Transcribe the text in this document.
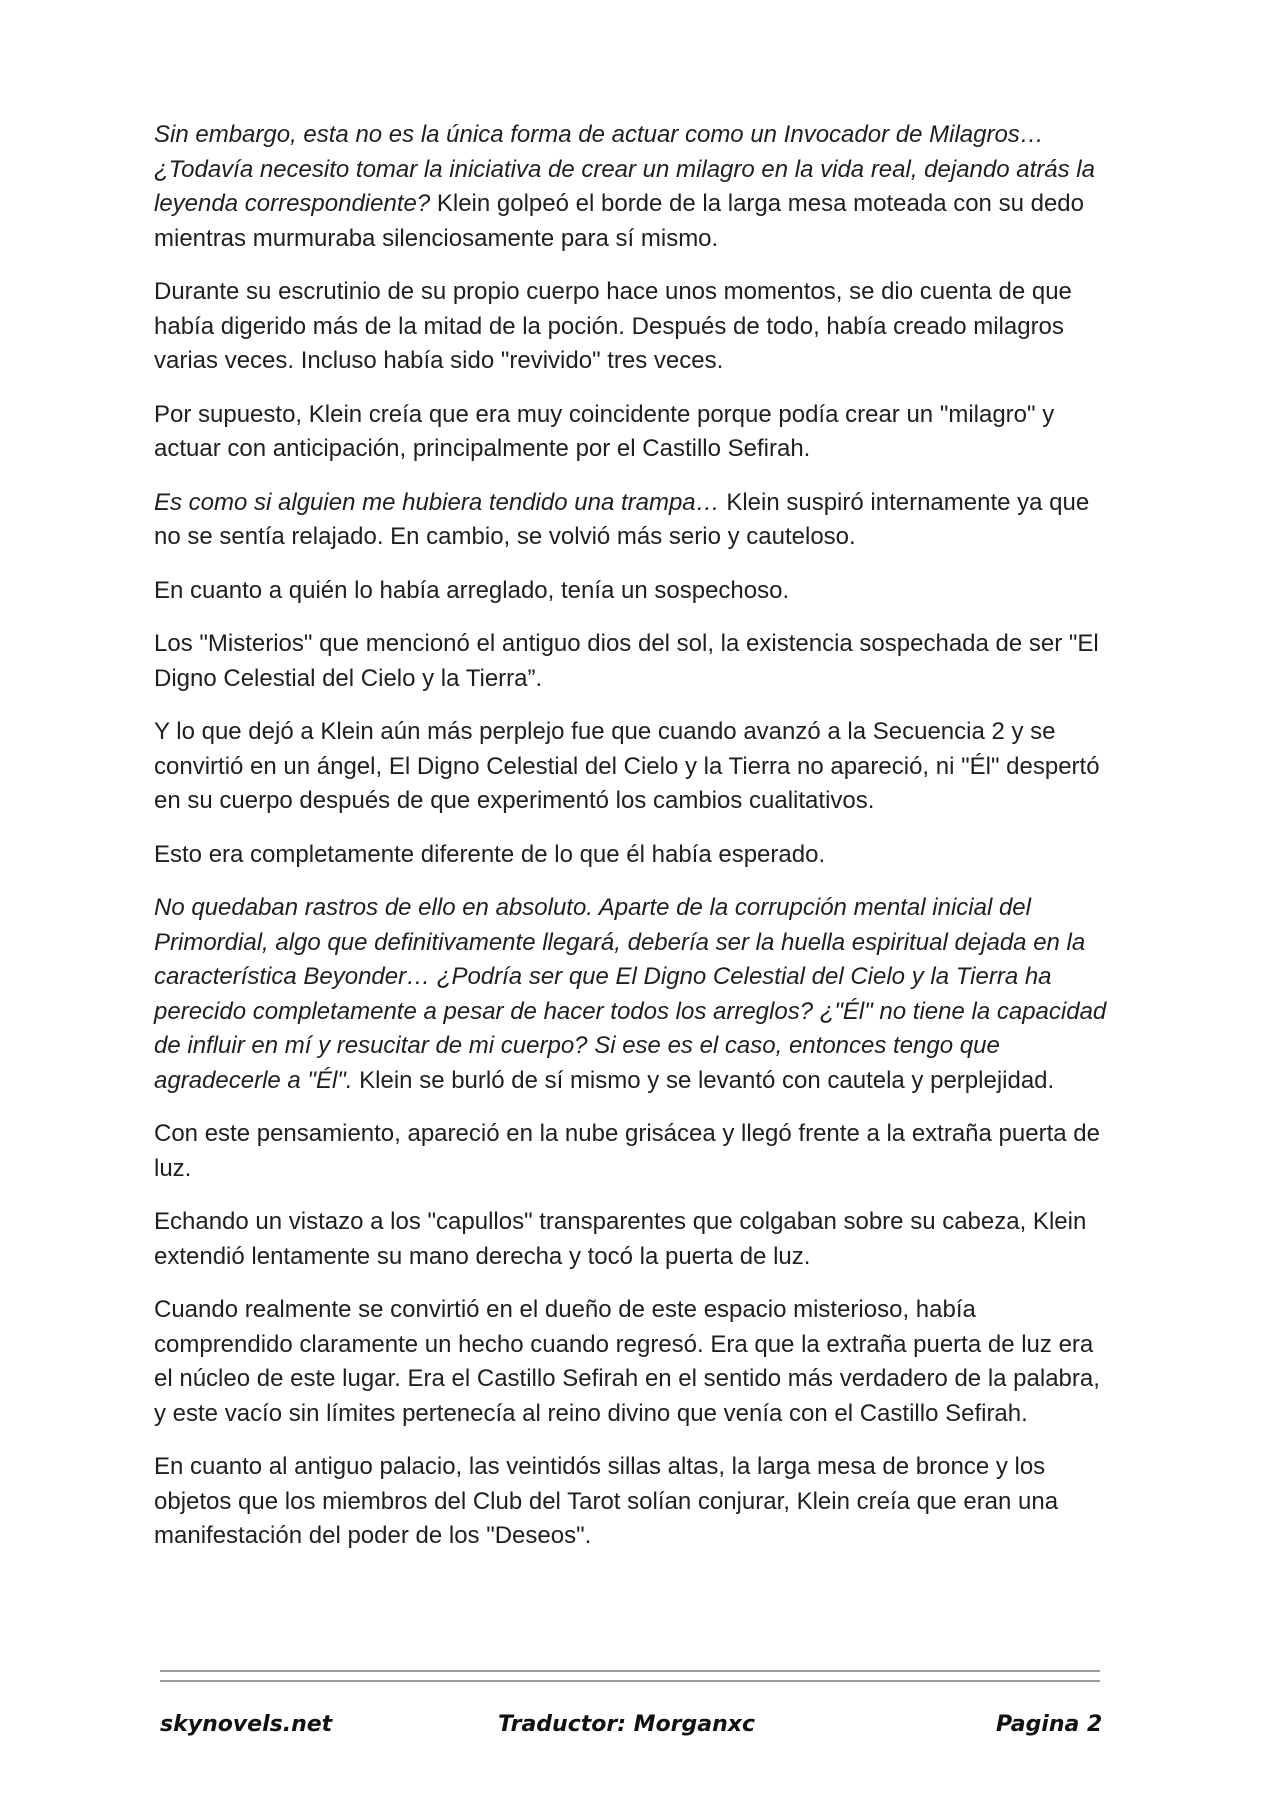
Sin embargo, esta no es la única forma de actuar como un Invocador de Milagros… ¿Todavía necesito tomar la iniciativa de crear un milagro en la vida real, dejando atrás la leyenda correspondiente? Klein golpeó el borde de la larga mesa moteada con su dedo mientras murmuraba silenciosamente para sí mismo.

Durante su escrutinio de su propio cuerpo hace unos momentos, se dio cuenta de que había digerido más de la mitad de la poción. Después de todo, había creado milagros varias veces. Incluso había sido "revivido" tres veces.

Por supuesto, Klein creía que era muy coincidente porque podía crear un "milagro" y actuar con anticipación, principalmente por el Castillo Sefirah.

Es como si alguien me hubiera tendido una trampa… Klein suspiró internamente ya que no se sentía relajado. En cambio, se volvió más serio y cauteloso.

En cuanto a quién lo había arreglado, tenía un sospechoso.

Los "Misterios" que mencionó el antiguo dios del sol, la existencia sospechada de ser "El Digno Celestial del Cielo y la Tierra”.

Y lo que dejó a Klein aún más perplejo fue que cuando avanzó a la Secuencia 2 y se convirtió en un ángel, El Digno Celestial del Cielo y la Tierra no apareció, ni "Él" despertó en su cuerpo después de que experimentó los cambios cualitativos.

Esto era completamente diferente de lo que él había esperado.

No quedaban rastros de ello en absoluto. Aparte de la corrupción mental inicial del Primordial, algo que definitivamente llegará, debería ser la huella espiritual dejada en la característica Beyonder… ¿Podría ser que El Digno Celestial del Cielo y la Tierra ha perecido completamente a pesar de hacer todos los arreglos? ¿"Él" no tiene la capacidad de influir en mí y resucitar de mi cuerpo? Si ese es el caso, entonces tengo que agradecerle a "Él". Klein se burló de sí mismo y se levantó con cautela y perplejidad.

Con este pensamiento, apareció en la nube grisácea y llegó frente a la extraña puerta de luz.

Echando un vistazo a los "capullos" transparentes que colgaban sobre su cabeza, Klein extendió lentamente su mano derecha y tocó la puerta de luz.

Cuando realmente se convirtió en el dueño de este espacio misterioso, había comprendido claramente un hecho cuando regresó. Era que la extraña puerta de luz era el núcleo de este lugar. Era el Castillo Sefirah en el sentido más verdadero de la palabra, y este vacío sin límites pertenecía al reino divino que venía con el Castillo Sefirah.

En cuanto al antiguo palacio, las veintidós sillas altas, la larga mesa de bronce y los objetos que los miembros del Club del Tarot solían conjurar, Klein creía que eran una manifestación del poder de los "Deseos".

skynovels.net	Traductor: Morganxc	Pagina 2
